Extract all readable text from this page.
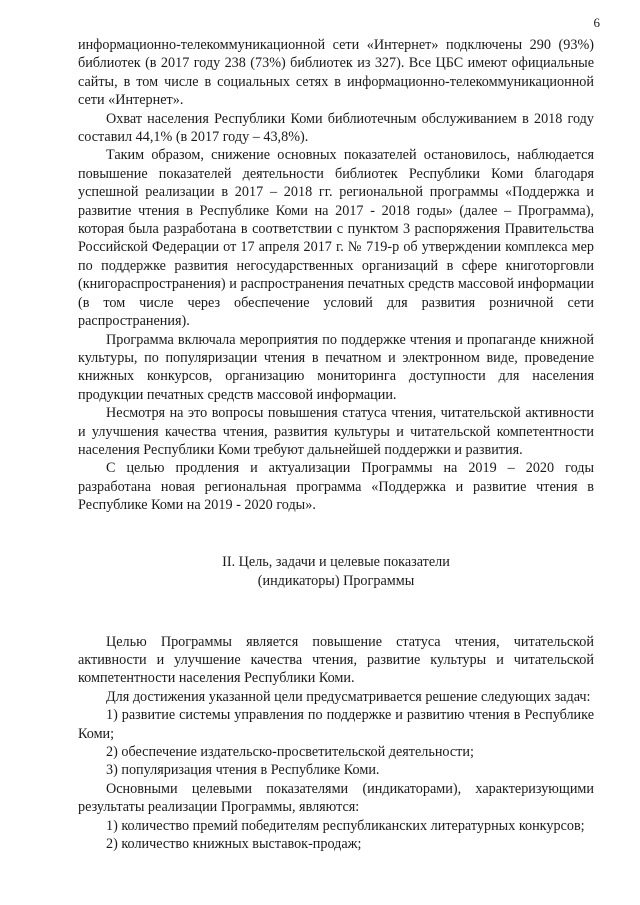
6

информационно-телекоммуникационной сети «Интернет» подключены 290 (93%) библиотек (в 2017 году 238 (73%) библиотек из 327). Все ЦБС имеют официальные сайты, в том числе в социальных сетях в информационно-телекоммуникационной сети «Интернет».

Охват населения Республики Коми библиотечным обслуживанием в 2018 году составил 44,1% (в 2017 году – 43,8%).

Таким образом, снижение основных показателей остановилось, наблюдается повышение показателей деятельности библиотек Республики Коми благодаря успешной реализации в 2017 – 2018 гг. региональной программы «Поддержка и развитие чтения в Республике Коми на 2017 - 2018 годы» (далее – Программа), которая была разработана в соответствии с пунктом 3 распоряжения Правительства Российской Федерации от 17 апреля 2017 г. № 719-р об утверждении комплекса мер по поддержке развития негосударственных организаций в сфере книготорговли (книгораспространения) и распространения печатных средств массовой информации (в том числе через обеспечение условий для развития розничной сети распространения).

Программа включала мероприятия по поддержке чтения и пропаганде книжной культуры, по популяризации чтения в печатном и электронном виде, проведение книжных конкурсов, организацию мониторинга доступности для населения продукции печатных средств массовой информации.

Несмотря на это вопросы повышения статуса чтения, читательской активности и улучшения качества чтения, развития культуры и читательской компетентности населения Республики Коми требуют дальнейшей поддержки и развития.

С целью продления и актуализации Программы на 2019 – 2020 годы разработана новая региональная программа «Поддержка и развитие чтения в Республике Коми на 2019 - 2020 годы».

II. Цель, задачи и целевые показатели
(индикаторы) Программы

Целью Программы является повышение статуса чтения, читательской активности и улучшение качества чтения, развитие культуры и читательской компетентности населения Республики Коми.

Для достижения указанной цели предусматривается решение следующих задач:

1) развитие системы управления по поддержке и развитию чтения в Республике Коми;

2) обеспечение издательско-просветительской деятельности;

3) популяризация чтения в Республике Коми.

Основными целевыми показателями (индикаторами), характеризующими результаты реализации Программы, являются:

1) количество премий победителям республиканских литературных конкурсов;

2) количество книжных выставок-продаж;
